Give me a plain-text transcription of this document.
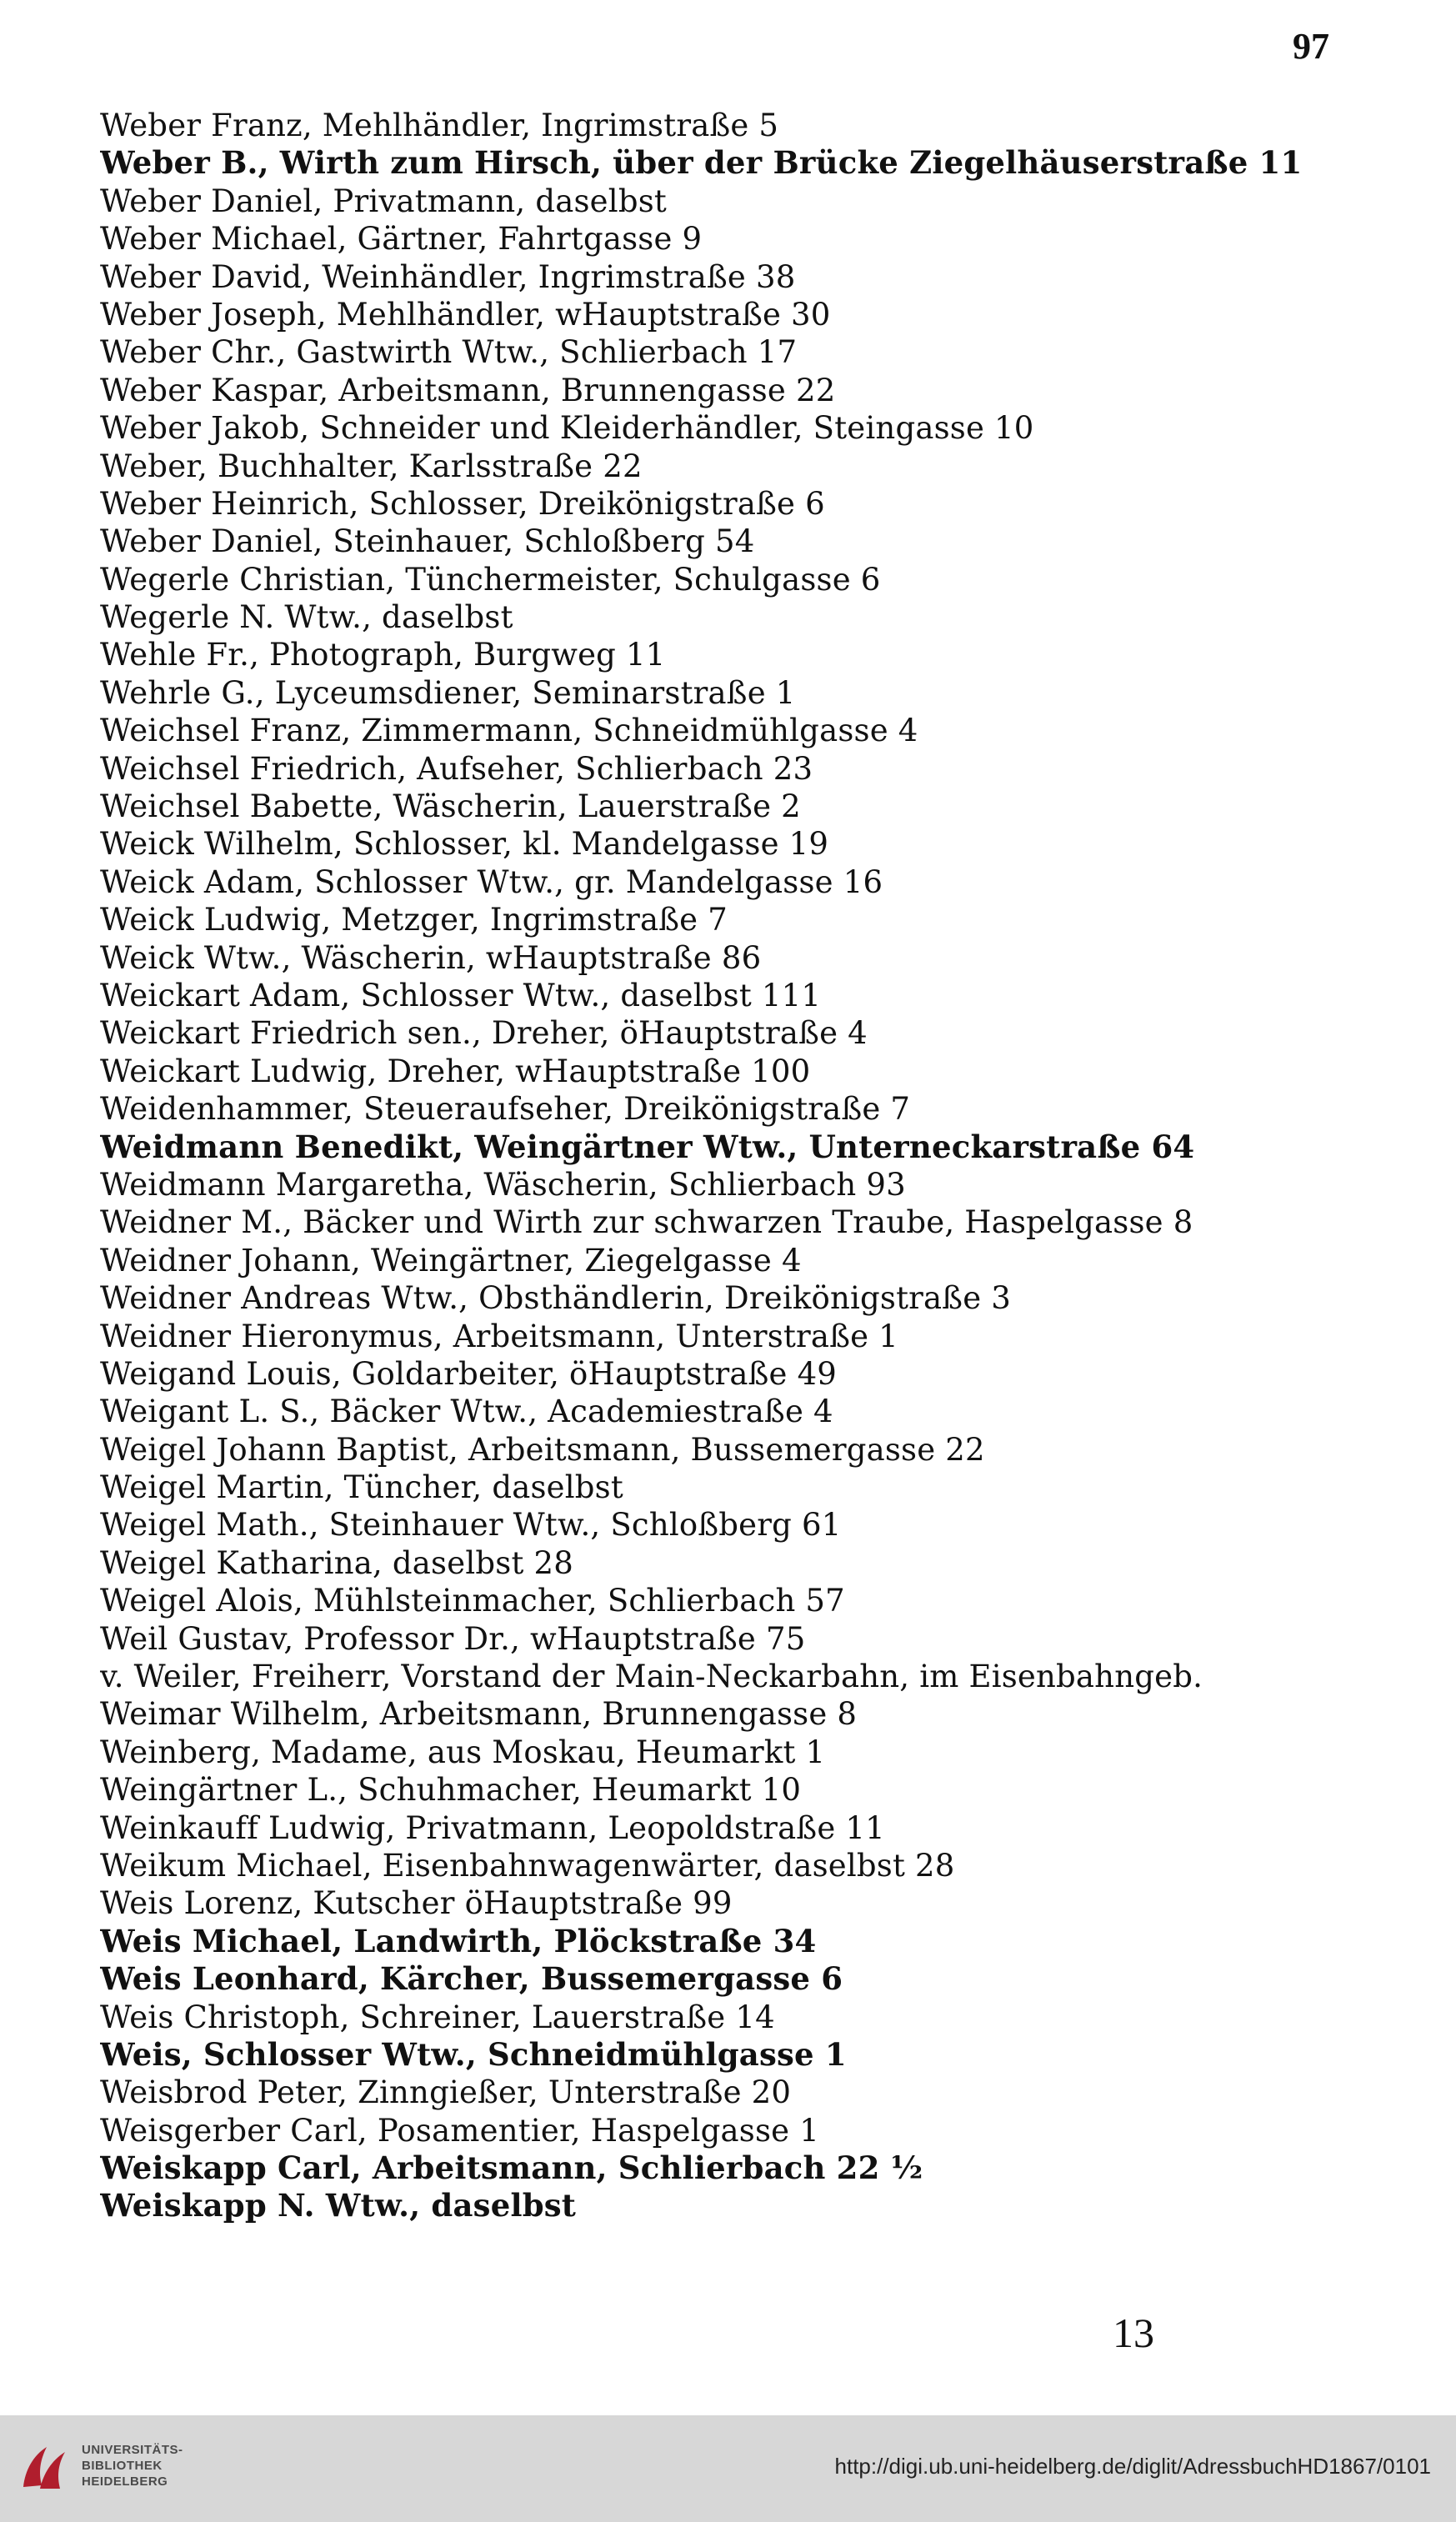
97
Weber Franz, Mehlhändler, Ingrimstraße 5
Weber B., Wirth zum Hirsch, über der Brücke Ziegelhäuserstraße 11
Weber Daniel, Privatmann, daselbst
Weber Michael, Gärtner, Fahrtgasse 9
Weber David, Weinhändler, Ingrimstraße 38
Weber Joseph, Mehlhändler, wHauptstraße 30
Weber Chr., Gastwirth Wtw., Schlierbach 17
Weber Kaspar, Arbeitsmann, Brunnengasse 22
Weber Jakob, Schneider und Kleiderhändler, Steingasse 10
Weber, Buchhalter, Karlsstraße 22
Weber Heinrich, Schlosser, Dreikönigstraße 6
Weber Daniel, Steinhauer, Schloßberg 54
Wegerle Christian, Tünchermeister, Schulgasse 6
Wegerle N. Wtw., daselbst
Wehle Fr., Photograph, Burgweg 11
Wehrle G., Lyceumsdiener, Seminarstraße 1
Weichsel Franz, Zimmermann, Schneidmühlgasse 4
Weichsel Friedrich, Aufseher, Schlierbach 23
Weichsel Babette, Wäscherin, Lauerstraße 2
Weick Wilhelm, Schlosser, kl. Mandelgasse 19
Weick Adam, Schlosser Wtw., gr. Mandelgasse 16
Weick Ludwig, Metzger, Ingrimstraße 7
Weick Wtw., Wäscherin, wHauptstraße 86
Weickart Adam, Schlosser Wtw., daselbst 111
Weickart Friedrich sen., Dreher, öHauptstraße 4
Weickart Ludwig, Dreher, wHauptstraße 100
Weidenhammer, Steueraufseher, Dreikönigstraße 7
Weidmann Benedikt, Weingärtner Wtw., Unterneckarstraße 64
Weidmann Margaretha, Wäscherin, Schlierbach 93
Weidner M., Bäcker und Wirth zur schwarzen Traube, Haspelgasse 8
Weidner Johann, Weingärtner, Ziegelgasse 4
Weidner Andreas Wtw., Obsthändlerin, Dreikönigstraße 3
Weidner Hieronymus, Arbeitsmann, Unterstraße 1
Weigand Louis, Goldarbeiter, öHauptstraße 49
Weigant L. S., Bäcker Wtw., Academiestraße 4
Weigel Johann Baptist, Arbeitsmann, Bussemergasse 22
Weigel Martin, Tüncher, daselbst
Weigel Math., Steinhauer Wtw., Schloßberg 61
Weigel Katharina, daselbst 28
Weigel Alois, Mühlsteinmacher, Schlierbach 57
Weil Gustav, Professor Dr., wHauptstraße 75
v. Weiler, Freiherr, Vorstand der Main-Neckarbahn, im Eisenbahngeb.
Weimar Wilhelm, Arbeitsmann, Brunnengasse 8
Weinberg, Madame, aus Moskau, Heumarkt 1
Weingärtner L., Schuhmacher, Heumarkt 10
Weinkauff Ludwig, Privatmann, Leopoldstraße 11
Weikum Michael, Eisenbahnwagenwärter, daselbst 28
Weis Lorenz, Kutscher öHauptstraße 99
Weis Michael, Landwirth, Plöckstraße 34
Weis Leonhard, Kärcher, Bussemergasse 6
Weis Christoph, Schreiner, Lauerstraße 14
Weis, Schlosser Wtw., Schneidmühlgasse 1
Weisbrod Peter, Zinngießer, Unterstraße 20
Weisgerber Carl, Posamentier, Haspelgasse 1
Weiskapp Carl, Arbeitsmann, Schlierbach 22 ½
Weiskapp N. Wtw., daselbst
13
UNIVERSITÄTS-
BIBLIOTHEK
HEIDELBERG
http://digi.ub.uni-heidelberg.de/diglit/AdressbuchHD1867/0101
